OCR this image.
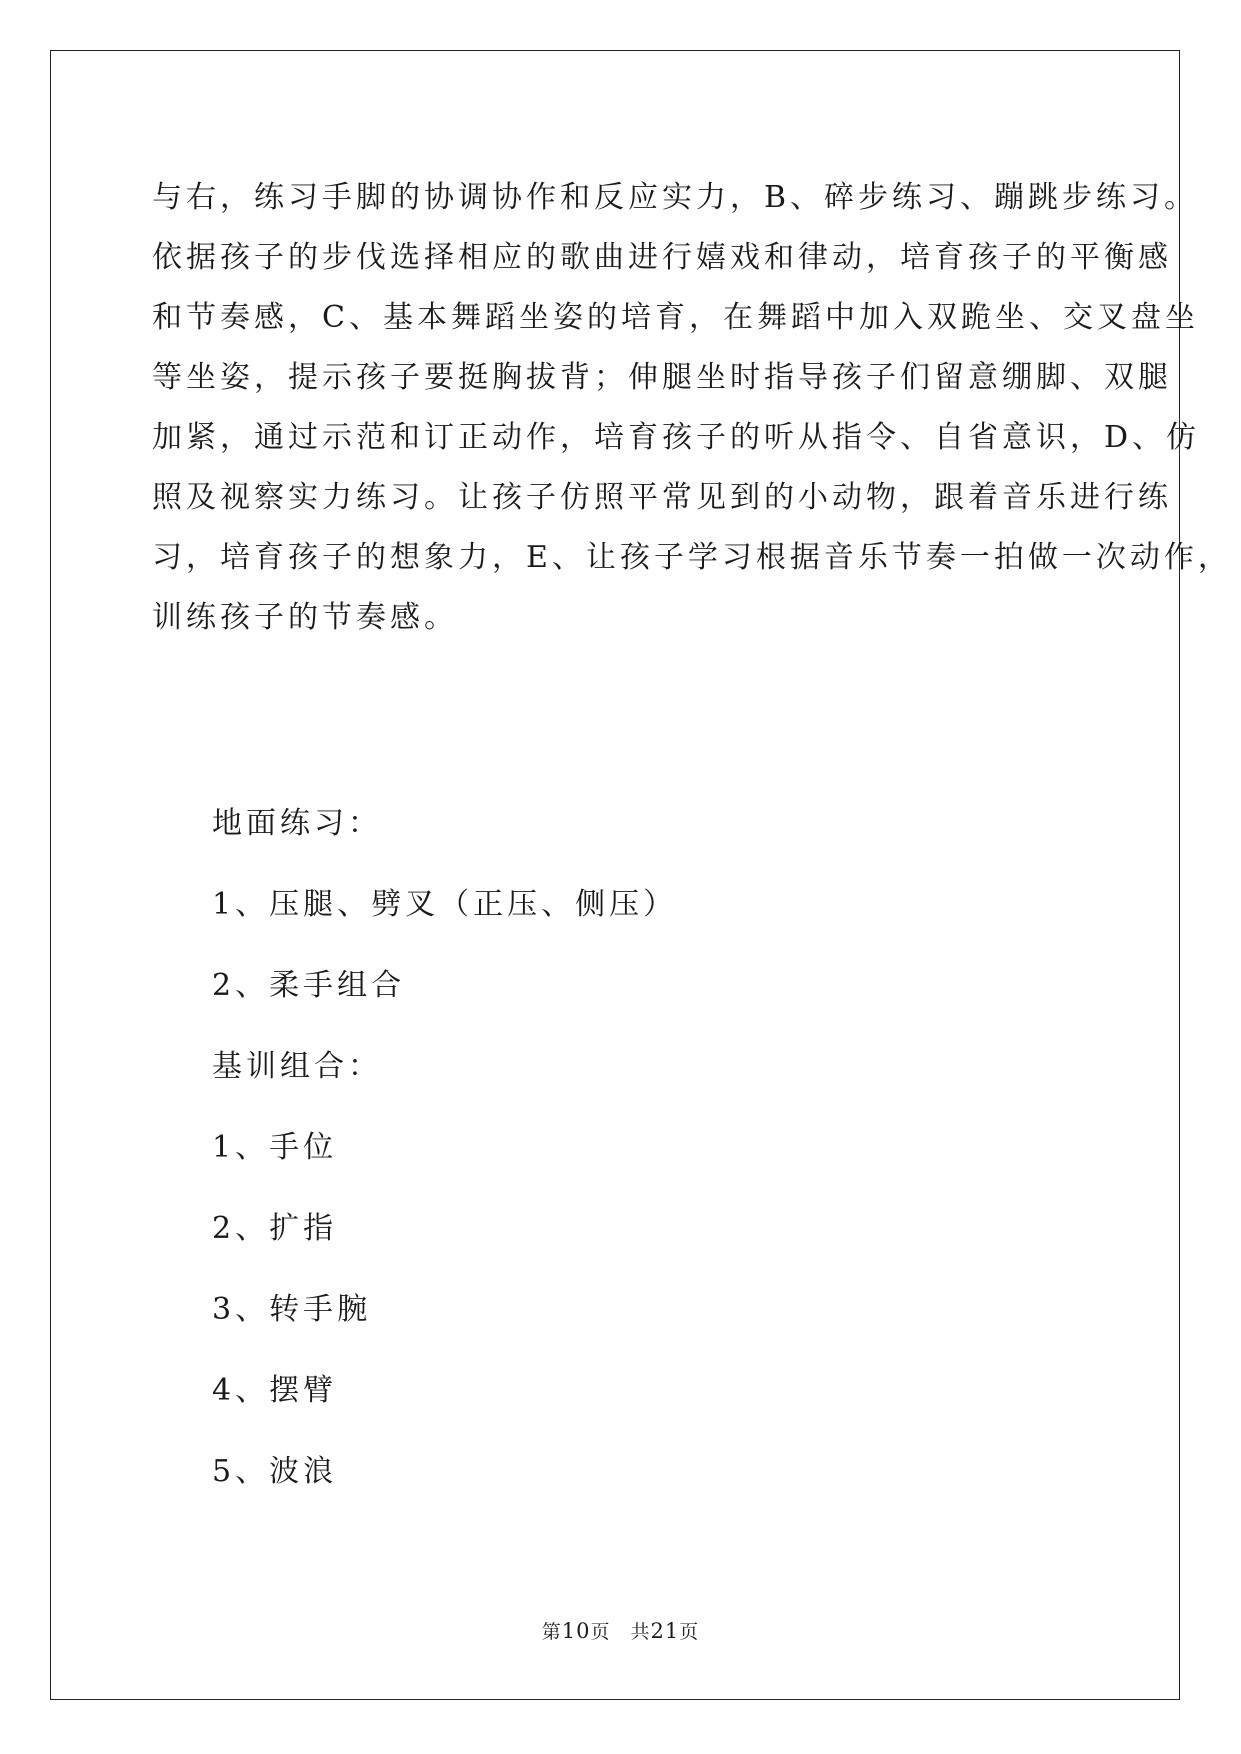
与右，练习手脚的协调协作和反应实力，B、碎步练习、蹦跳步练习。
依据孩子的步伐选择相应的歌曲进行嬉戏和律动，培育孩子的平衡感
和节奏感，C、基本舞蹈坐姿的培育，在舞蹈中加入双跪坐、交叉盘坐
等坐姿，提示孩子要挺胸拔背；伸腿坐时指导孩子们留意绷脚、双腿
加紧，通过示范和订正动作，培育孩子的听从指令、自省意识，D、仿
照及视察实力练习。让孩子仿照平常见到的小动物，跟着音乐进行练
习，培育孩子的想象力，E、让孩子学习根据音乐节奏一拍做一次动作，
训练孩子的节奏感。
地面练习：
1、压腿、劈叉（正压、侧压）
2、柔手组合
基训组合：
1、手位
2、扩指
3、转手腕
4、摆臂
5、波浪
第10页 共21页
